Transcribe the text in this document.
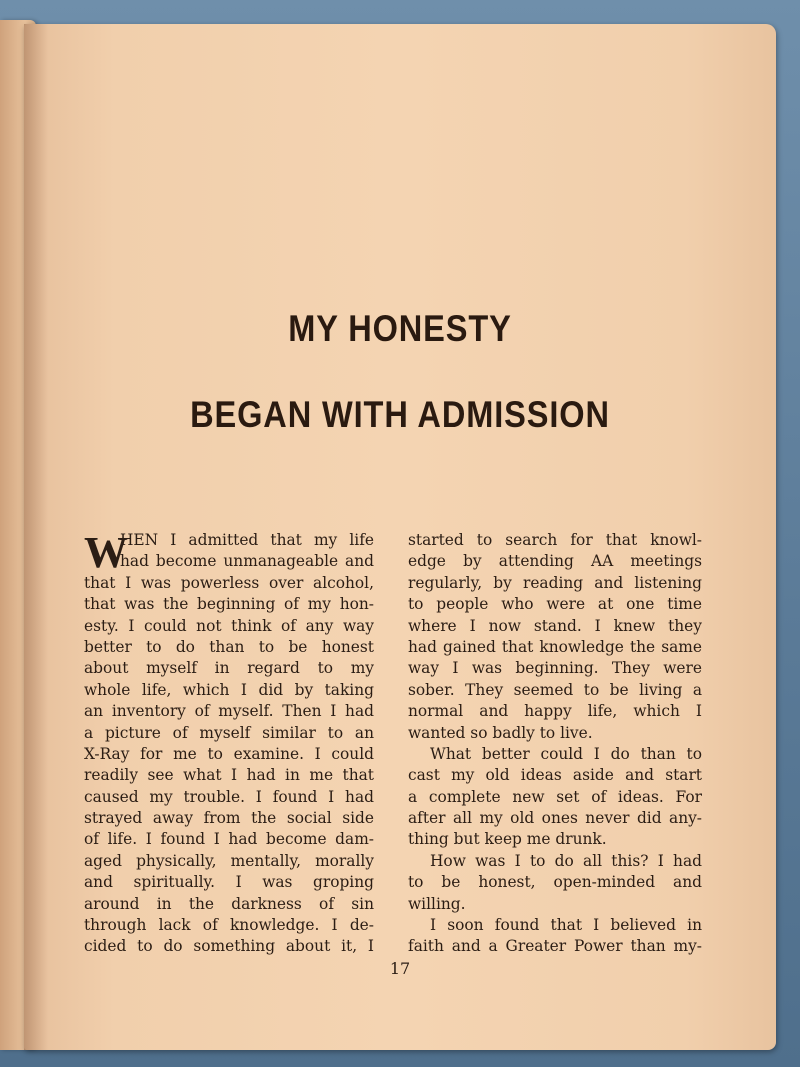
MY HONESTY
BEGAN WITH ADMISSION
W
HEN I admitted that my life
had become unmanageable and
that I was powerless over alcohol,
that was the beginning of my hon-
esty. I could not think of any way
better to do than to be honest
about myself in regard to my
whole life, which I did by taking
an inventory of myself. Then I had
a picture of myself similar to an
X-Ray for me to examine. I could
readily see what I had in me that
caused my trouble. I found I had
strayed away from the social side
of life. I found I had become dam-
aged physically, mentally, morally
and spiritually. I was groping
around in the darkness of sin
through lack of knowledge. I de-
cided to do something about it, I
started to search for that knowl-
edge by attending AA meetings
regularly, by reading and listening
to people who were at one time
where I now stand. I knew they
had gained that knowledge the same
way I was beginning. They were
sober. They seemed to be living a
normal and happy life, which I
wanted so badly to live.
What better could I do than to
cast my old ideas aside and start
a complete new set of ideas. For
after all my old ones never did any-
thing but keep me drunk.
How was I to do all this? I had
to be honest, open-minded and
willing.
I soon found that I believed in
faith and a Greater Power than my-
17
